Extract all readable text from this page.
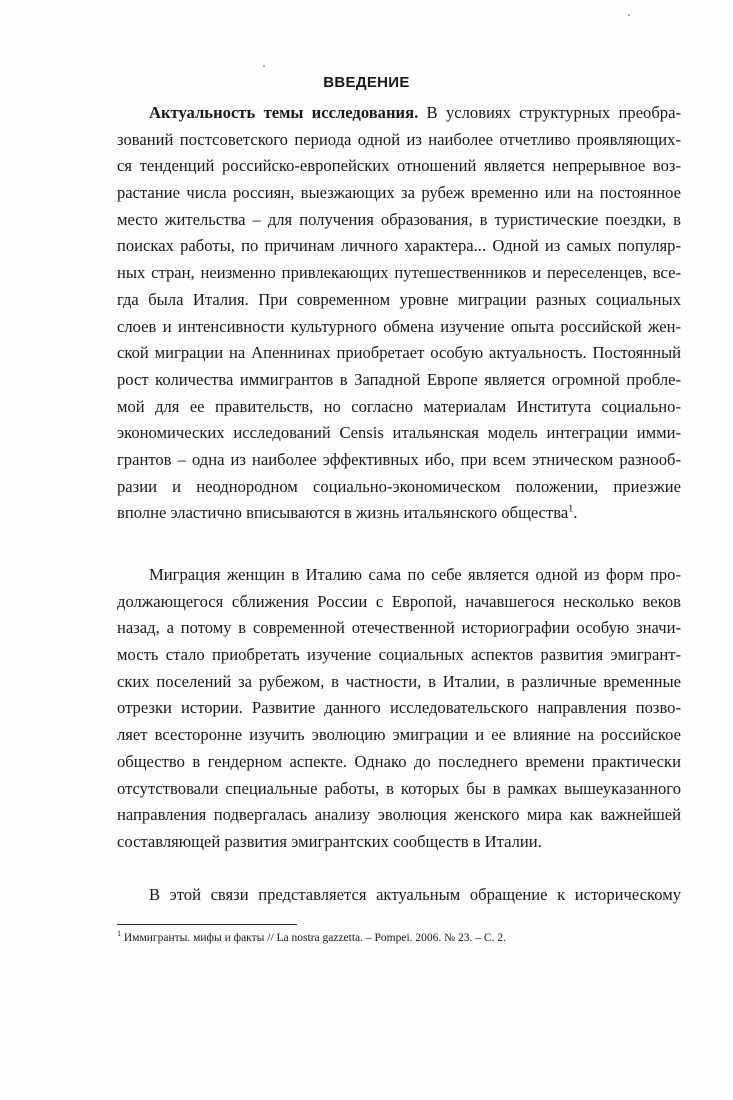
ВВЕДЕНИЕ
Актуальность темы исследования. В условиях структурных преобра-
зований постсоветского периода одной из наиболее отчетливо проявляющих-
ся тенденций российско-европейских отношений является непрерывное воз-
растание числа россиян, выезжающих за рубеж временно или на постоянное
место жительства – для получения образования, в туристические поездки, в
поисках работы, по причинам личного характера... Одной из самых популяр-
ных стран, неизменно привлекающих путешественников и переселенцев, все-
гда была Италия. При современном уровне миграции разных социальных
слоев и интенсивности культурного обмена изучение опыта российской жен-
ской миграции на Апеннинах приобретает особую актуальность. Постоянный
рост количества иммигрантов в Западной Европе является огромной пробле-
мой для ее правительств, но согласно материалам Института социально-
экономических исследований Censis итальянская модель интеграции имми-
грантов – одна из наиболее эффективных ибо, при всем этническом разнооб-
разии и неоднородном социально-экономическом положении, приезжие
вполне эластично вписываются в жизнь итальянского общества$^1$.
Миграция женщин в Италию сама по себе является одной из форм про-
должающегося сближения России с Европой, начавшегося несколько веков
назад, а потому в современной отечественной историографии особую значи-
мость стало приобретать изучение социальных аспектов развития эмигрант-
ских поселений за рубежом, в частности, в Италии, в различные временные
отрезки истории. Развитие данного исследовательского направления позво-
ляет всесторонне изучить эволюцию эмиграции и ее влияние на российское
общество в гендерном аспекте. Однако до последнего времени практически
отсутствовали специальные работы, в которых бы в рамках вышеуказанного
направления подвергалась анализу эволюция женского мира как важнейшей
составляющей развития эмигрантских сообществ в Италии.
В этой связи представляется актуальным обращение к историческому

$^1$ Иммигранты. мифы и факты // La nostra gazzetta. – Pompei. 2006. № 23. – С. 2.
